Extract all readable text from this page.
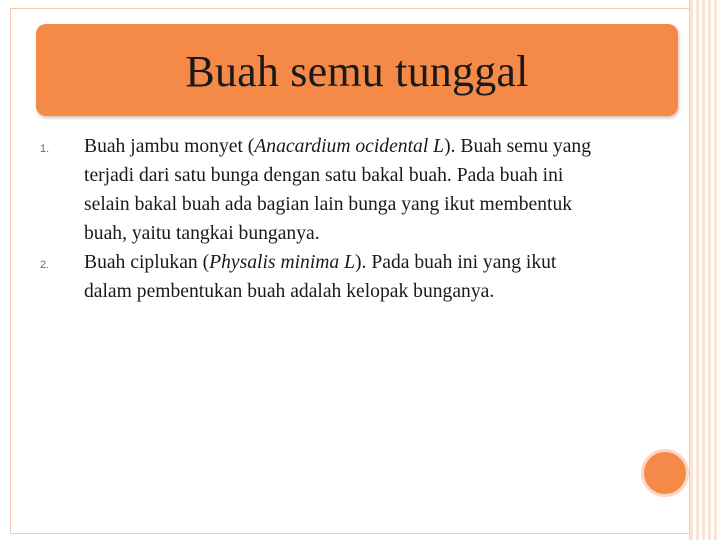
Buah semu tunggal
1.	Buah jambu monyet (Anacardium ocidental L). Buah semu yang terjadi dari satu bunga dengan satu bakal buah. Pada buah ini selain bakal buah ada bagian lain bunga yang ikut membentuk buah, yaitu tangkai bunganya.
2.	Buah ciplukan (Physalis minima L). Pada buah ini yang ikut dalam pembentukan buah adalah kelopak bunganya.
